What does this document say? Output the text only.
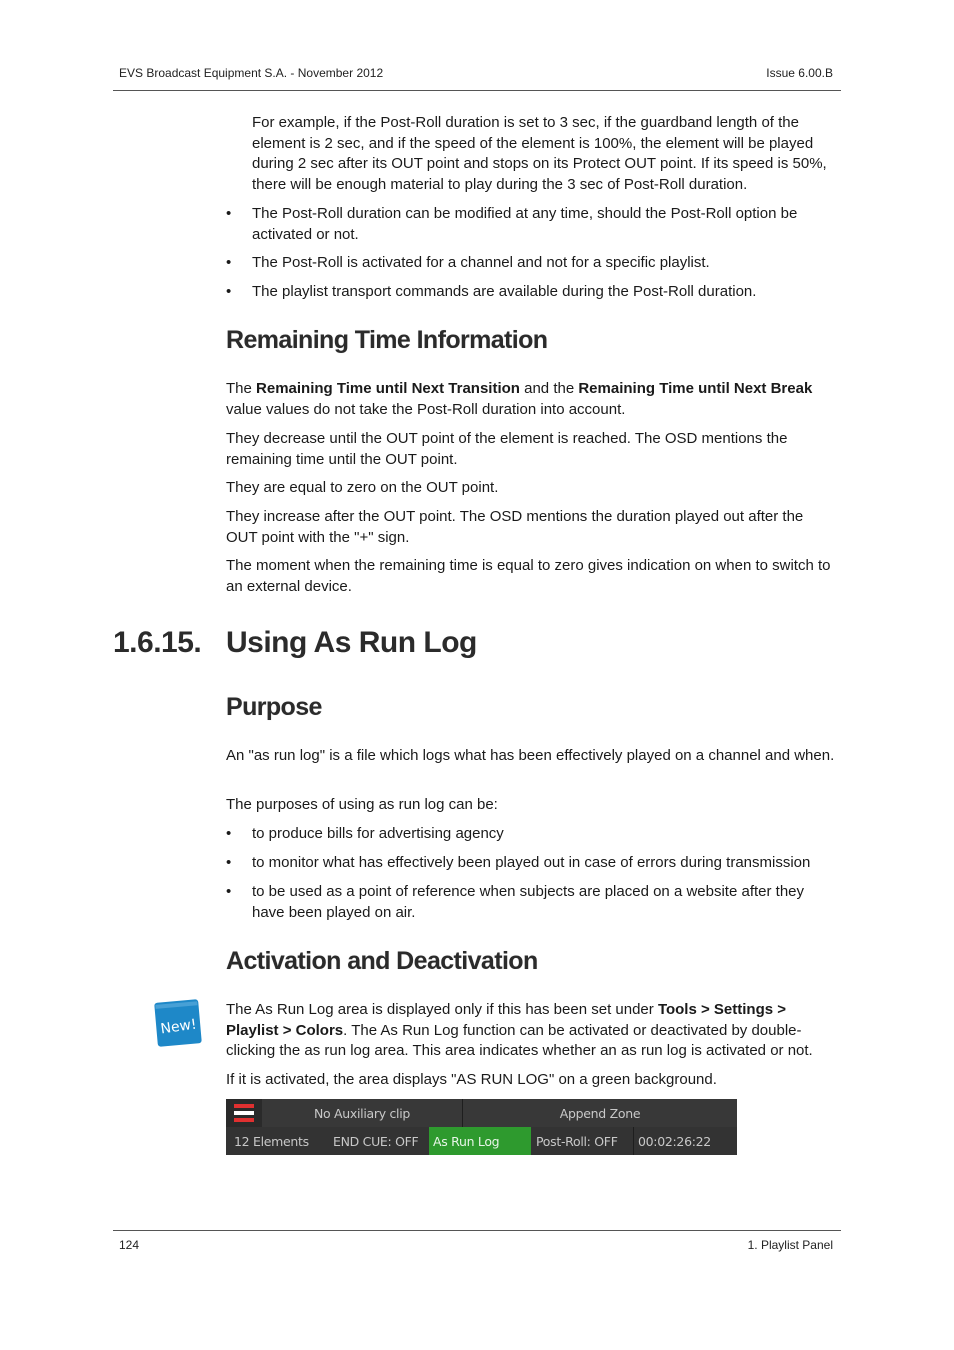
EVS Broadcast Equipment S.A. - November 2012	Issue 6.00.B

For example, if the Post-Roll duration is set to 3 sec, if the guardband length of the element is 2 sec, and if the speed of the element is 100%, the element will be played during 2 sec after its OUT point and stops on its Protect OUT point. If its speed is 50%, there will be enough material to play during the 3 sec of Post-Roll duration.

• The Post-Roll duration can be modified at any time, should the Post-Roll option be activated or not.
• The Post-Roll is activated for a channel and not for a specific playlist.
• The playlist transport commands are available during the Post-Roll duration.
Remaining Time Information

The Remaining Time until Next Transition and the Remaining Time until Next Break value values do not take the Post-Roll duration into account.

They decrease until the OUT point of the element is reached. The OSD mentions the remaining time until the OUT point.

They are equal to zero on the OUT point.

They increase after the OUT point. The OSD mentions the duration played out after the OUT point with the "+" sign.

The moment when the remaining time is equal to zero gives indication on when to switch to an external device.

1.6.15. Using As Run Log
Purpose

An "as run log" is a file which logs what has been effectively played on a channel and when.

The purposes of using as run log can be:

• to produce bills for advertising agency
• to monitor what has effectively been played out in case of errors during transmission
• to be used as a point of reference when subjects are placed on a website after they have been played on air.
Activation and Deactivation
New!

The As Run Log area is displayed only if this has been set under Tools > Settings > Playlist > Colors. The As Run Log function can be activated or deactivated by double-clicking the as run log area. This area indicates whether an as run log is activated or not.

If it is activated, the area displays "AS RUN LOG" on a green background.

No Auxiliary clip	Append Zone
12 Elements	END CUE: OFF	As Run Log	Post-Roll: OFF	00:02:26:22
124	1. Playlist Panel
